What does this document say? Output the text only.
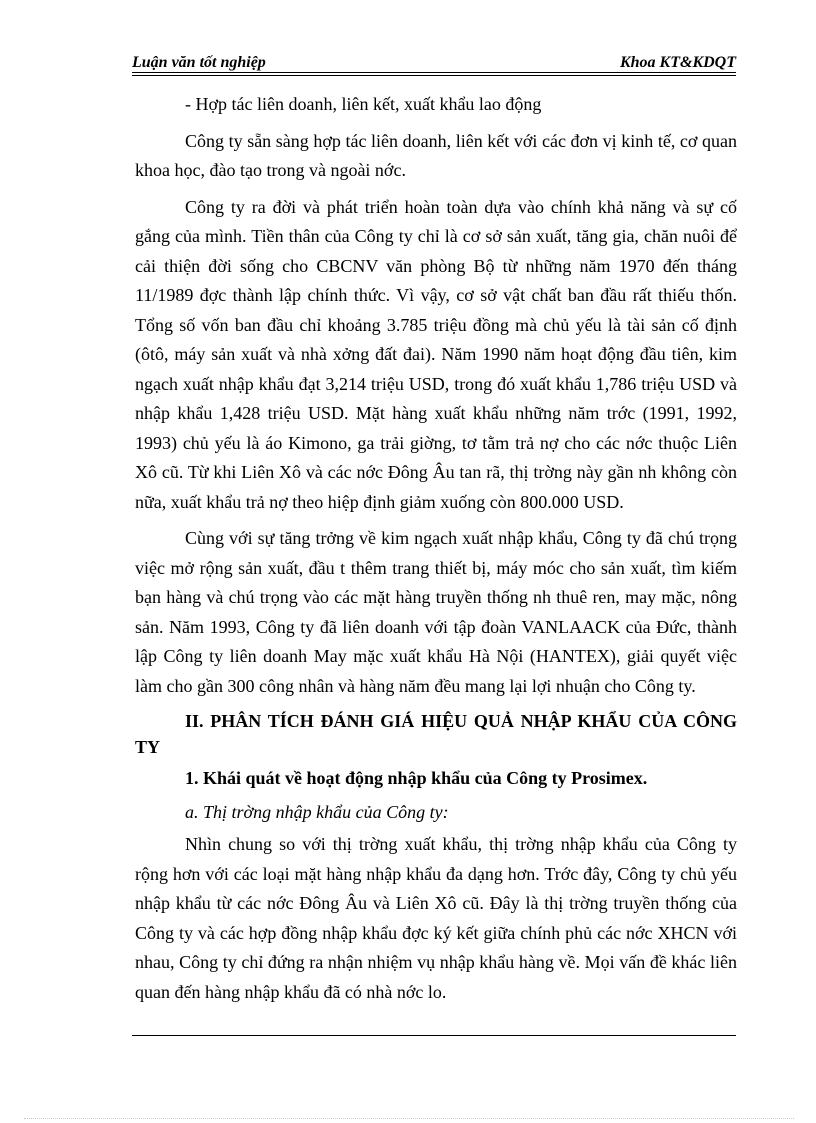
Luận văn tốt nghiệp	Khoa KT&KDQT

- Hợp tác liên doanh, liên kết, xuất khẩu lao động

Công ty sẵn sàng hợp tác liên doanh, liên kết với các đơn vị kinh tế, cơ quan khoa học, đào tạo trong và ngoài nớc.

Công ty ra đời và phát triển hoàn toàn dựa vào chính khả năng và sự cố gắng của mình. Tiền thân của Công ty chỉ là cơ sở sản xuất, tăng gia, chăn nuôi để cải thiện đời sống cho CBCNV văn phòng Bộ từ những năm 1970 đến tháng 11/1989 đợc thành lập chính thức. Vì vậy, cơ sở vật chất ban đầu rất thiếu thốn. Tổng số vốn ban đầu chỉ khoảng 3.785 triệu đồng mà chủ yếu là tài sản cố định (ôtô, máy sản xuất và nhà xởng đất đai). Năm 1990 năm hoạt động đầu tiên, kim ngạch xuất nhập khẩu đạt 3,214 triệu USD, trong đó xuất khẩu 1,786 triệu USD và nhập khẩu 1,428 triệu USD. Mặt hàng xuất khẩu những năm trớc (1991, 1992, 1993) chủ yếu là áo Kimono, ga trải giờng, tơ tằm trả nợ cho các nớc thuộc Liên Xô cũ. Từ khi Liên Xô và các nớc Đông Âu tan rã, thị trờng này gần nh không còn nữa, xuất khẩu trả nợ theo hiệp định giảm xuống còn 800.000 USD.

Cùng với sự tăng trởng về kim ngạch xuất nhập khẩu, Công ty đã chú trọng việc mở rộng sản xuất, đầu t thêm trang thiết bị, máy móc cho sản xuất, tìm kiếm bạn hàng và chú trọng vào các mặt hàng truyền thống nh thuê ren, may mặc, nông sản. Năm 1993, Công ty đã liên doanh với tập đoàn VANLAACK của Đức, thành lập Công ty liên doanh May mặc xuất khẩu Hà Nội (HANTEX), giải quyết việc làm cho gần 300 công nhân và hàng năm đều mang lại lợi nhuận cho Công ty.

II. PHÂN TÍCH ĐÁNH GIÁ HIỆU QUẢ NHẬP KHẨU CỦA CÔNG TY
1. Khái quát về hoạt động nhập khẩu của Công ty Prosimex.
a. Thị trờng nhập khẩu của Công ty:

Nhìn chung so với thị trờng xuất khẩu, thị trờng nhập khẩu của Công ty rộng hơn với các loại mặt hàng nhập khẩu đa dạng hơn. Trớc đây, Công ty chủ yếu nhập khẩu từ các nớc Đông Âu và Liên Xô cũ. Đây là thị trờng truyền thống của Công ty và các hợp đồng nhập khẩu đợc ký kết giữa chính phủ các nớc XHCN với nhau, Công ty chỉ đứng ra nhận nhiệm vụ nhập khẩu hàng về. Mọi vấn đề khác liên quan đến hàng nhập khẩu đã có nhà nớc lo.
